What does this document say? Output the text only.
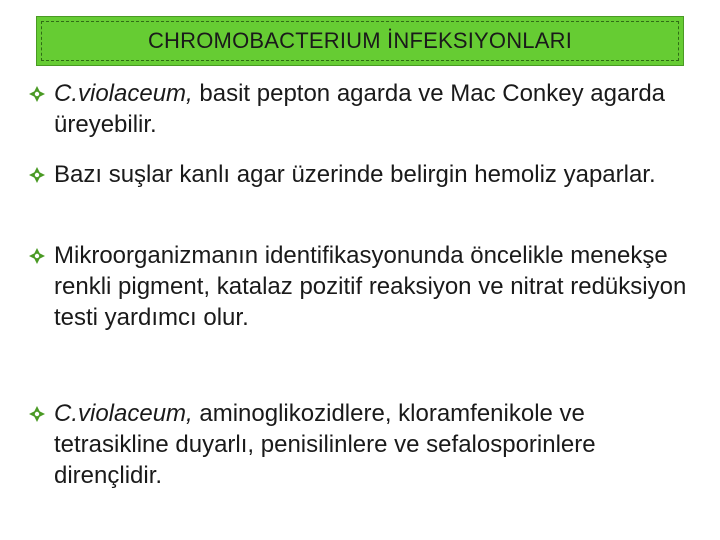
CHROMOBACTERIUM İNFEKSIYONLARI
C.violaceum, basit pepton agarda ve Mac Conkey agarda üreyebilir.
Bazı suşlar kanlı agar üzerinde belirgin hemoliz yaparlar.
Mikroorganizmanın identifikasyonunda öncelikle menekşe renkli pigment, katalaz pozitif reaksiyon ve nitrat redüksiyon testi yardımcı olur.
C.violaceum, aminoglikozidlere, kloramfenikole ve tetrasikline duyarlı, penisilinlere ve sefalosporinlere dirençlidir.
